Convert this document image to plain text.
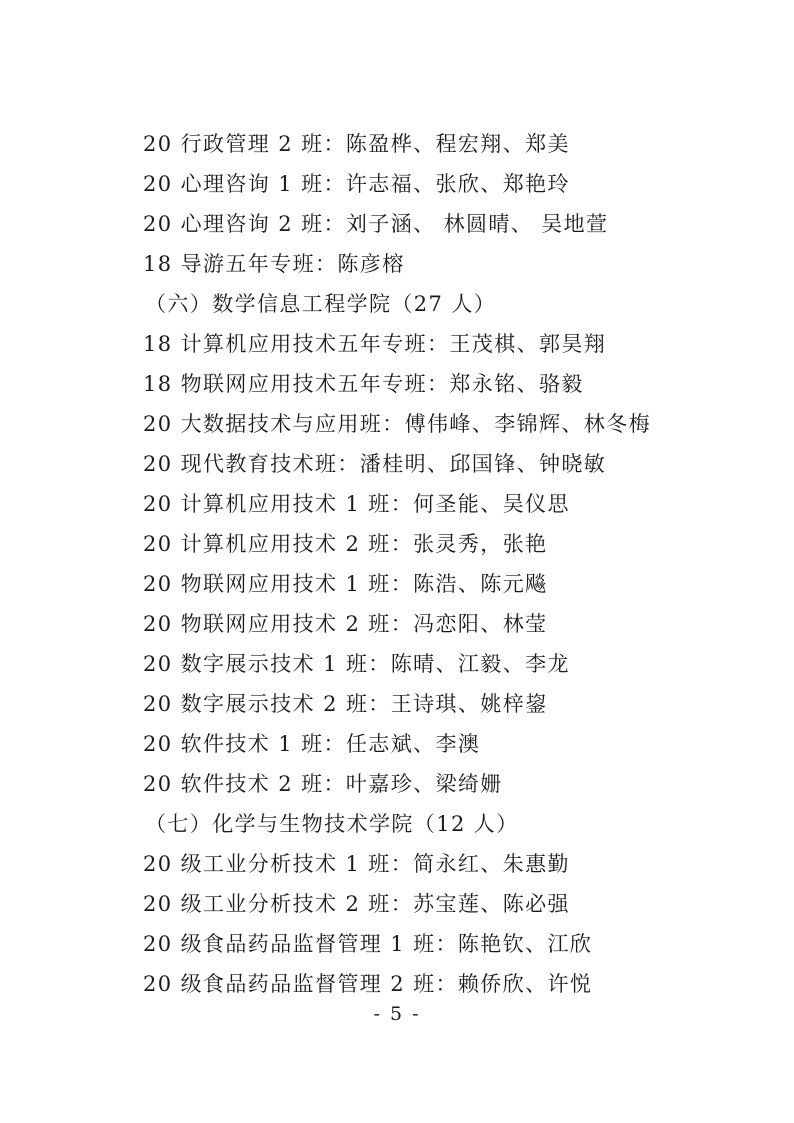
20 行政管理 2 班：陈盈桦、程宏翔、郑美
20 心理咨询 1 班：许志福、张欣、郑艳玲
20 心理咨询 2 班：刘子涵、 林圆晴、 吴地萱
18 导游五年专班：陈彦榕
（六）数学信息工程学院（27 人）
18 计算机应用技术五年专班：王茂棋、郭昊翔
18 物联网应用技术五年专班：郑永铭、骆毅
20 大数据技术与应用班：傅伟峰、李锦辉、林冬梅
20 现代教育技术班：潘桂明、邱国锋、钟晓敏
20 计算机应用技术 1 班：何圣能、吴仪思
20 计算机应用技术 2 班：张灵秀，张艳
20 物联网应用技术 1 班：陈浩、陈元飚
20 物联网应用技术 2 班：冯恋阳、林莹
20 数字展示技术 1 班：陈晴、江毅、李龙
20 数字展示技术 2 班：王诗琪、姚梓鋆
20 软件技术 1 班：任志斌、李澳
20 软件技术 2 班：叶嘉珍、梁绮姗
（七）化学与生物技术学院（12 人）
20 级工业分析技术 1 班：简永红、朱惠勤
20 级工业分析技术 2 班：苏宝莲、陈必强
20 级食品药品监督管理 1 班：陈艳钦、江欣
20 级食品药品监督管理 2 班：赖侨欣、许悦
- 5 -
